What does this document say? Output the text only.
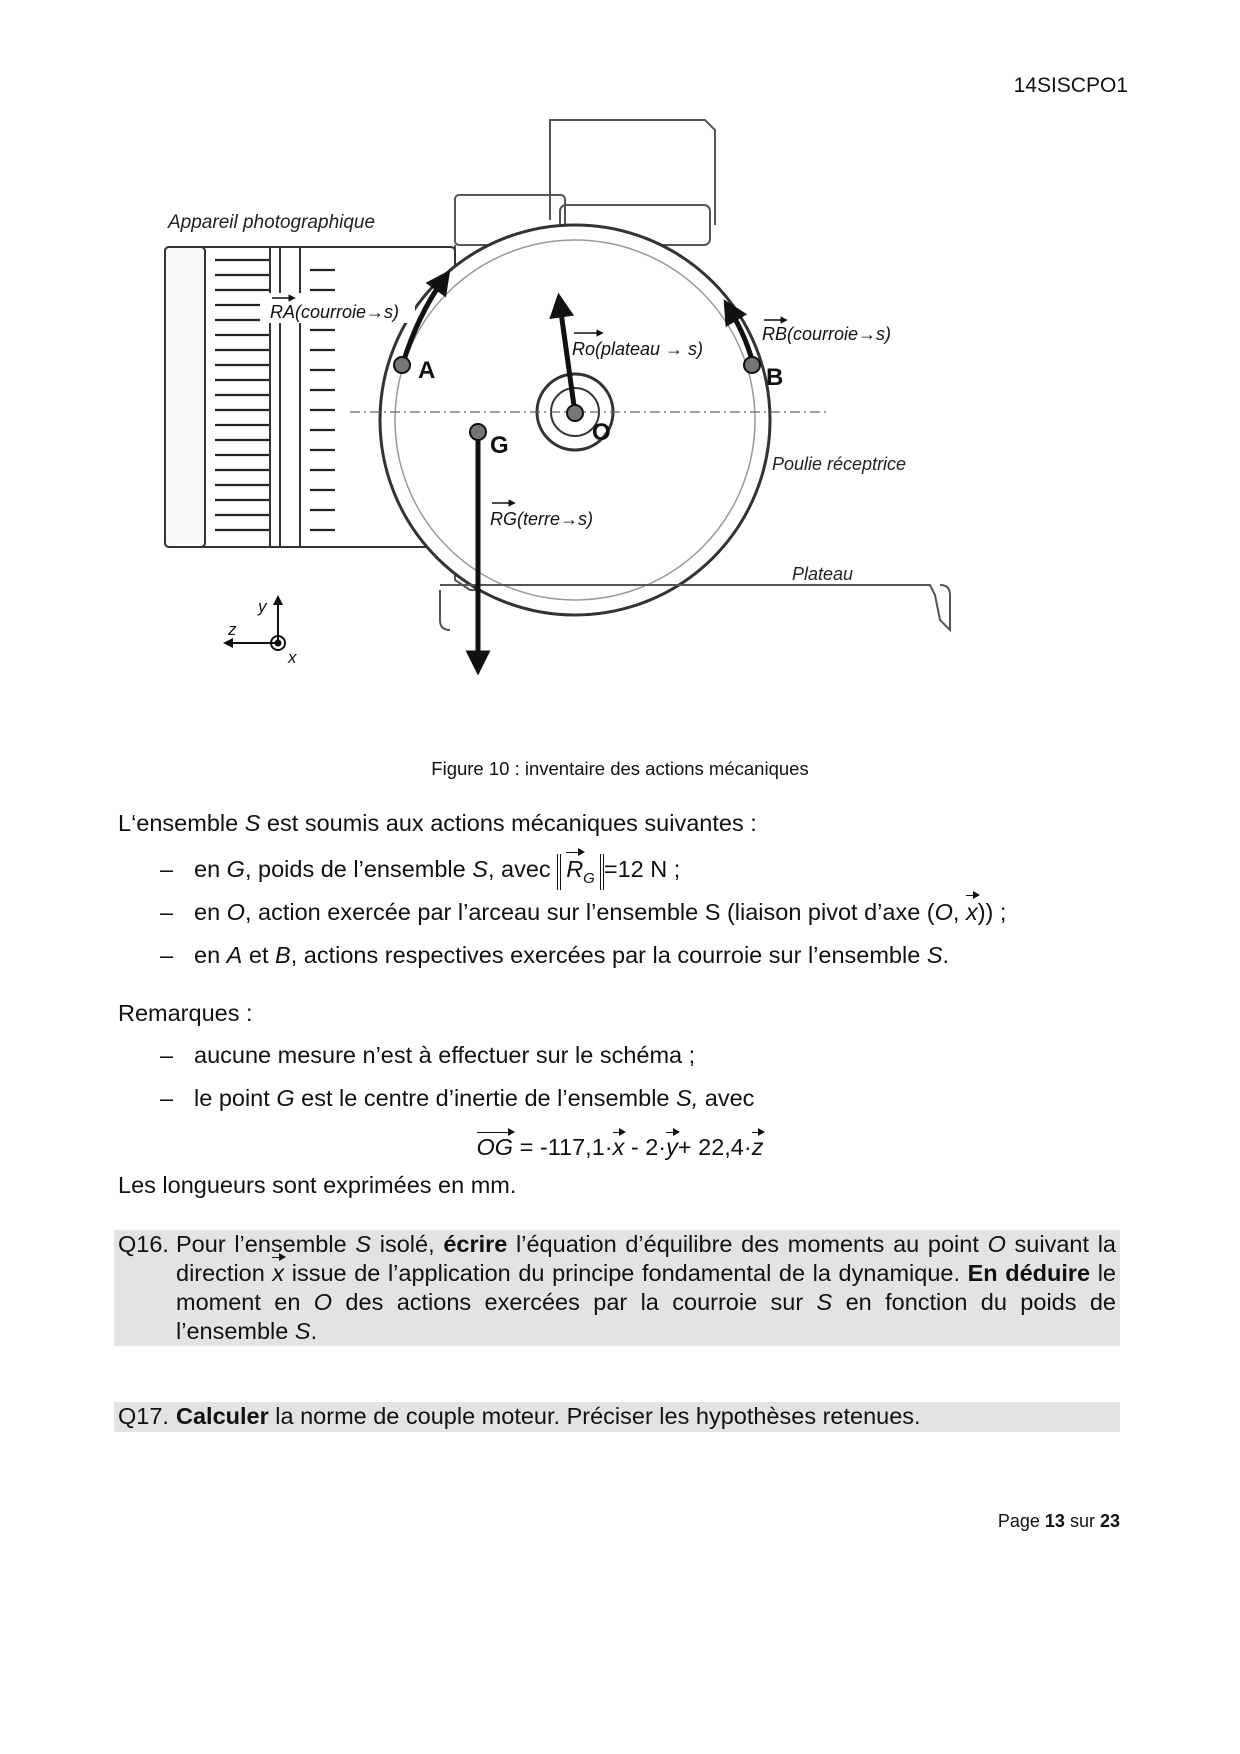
14SISCPO1
Appareil photographique
RA(courroie→s)
Ro(plateau → s)
RB(courroie→s)
RG(terre→s)
A	B
O
G
Poulie réceptrice
Plateau
y
z
x
Figure 10 : inventaire des actions mécaniques
L‘ensemble S est soumis aux actions mécaniques suivantes :
– en G, poids de l’ensemble S, avec $R_G =12$ N ;
– en O, action exercée par l’arceau sur l’ensemble S (liaison pivot d’axe (O, x)) ;
– en A et B, actions respectives exercées par la courroie sur l’ensemble S.
Remarques :
– aucune mesure n’est à effectuer sur le schéma ;
– le point G est le centre d’inertie de l’ensemble S, avec
OG = -117,1·x - 2·y+ 22,4·z
Les longueurs sont exprimées en mm.
Q16. Pour l’ensemble S isolé, écrire l’équation d’équilibre des moments au point O suivant la direction x issue de l’application du principe fondamental de la dynamique. En déduire le moment en O des actions exercées par la courroie sur S en fonction du poids de l’ensemble S.
Q17. Calculer la norme de couple moteur. Préciser les hypothèses retenues.
Page 13 sur 23
